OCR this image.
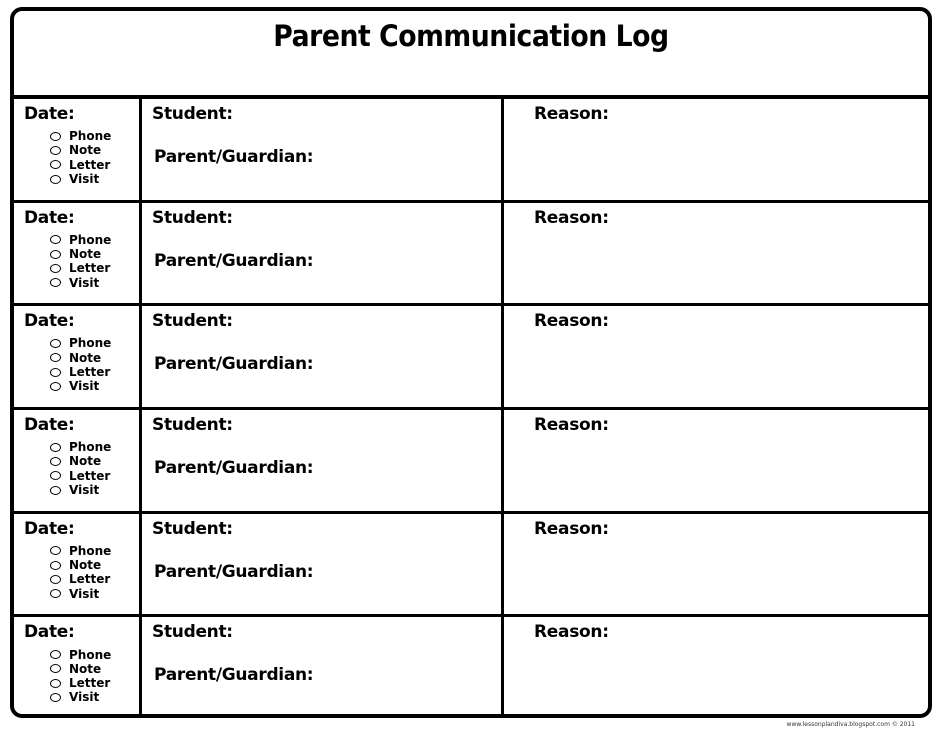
Parent Communication Log
Date:
Phone
Note
Letter
Visit
Student:
Parent/Guardian:
Reason:
Date:
Phone
Note
Letter
Visit
Student:
Parent/Guardian:
Reason:
Date:
Phone
Note
Letter
Visit
Student:
Parent/Guardian:
Reason:
Date:
Phone
Note
Letter
Visit
Student:
Parent/Guardian:
Reason:
Date:
Phone
Note
Letter
Visit
Student:
Parent/Guardian:
Reason:
Date:
Phone
Note
Letter
Visit
Student:
Parent/Guardian:
Reason:
www.lessonplandiva.blogspot.com © 2011
